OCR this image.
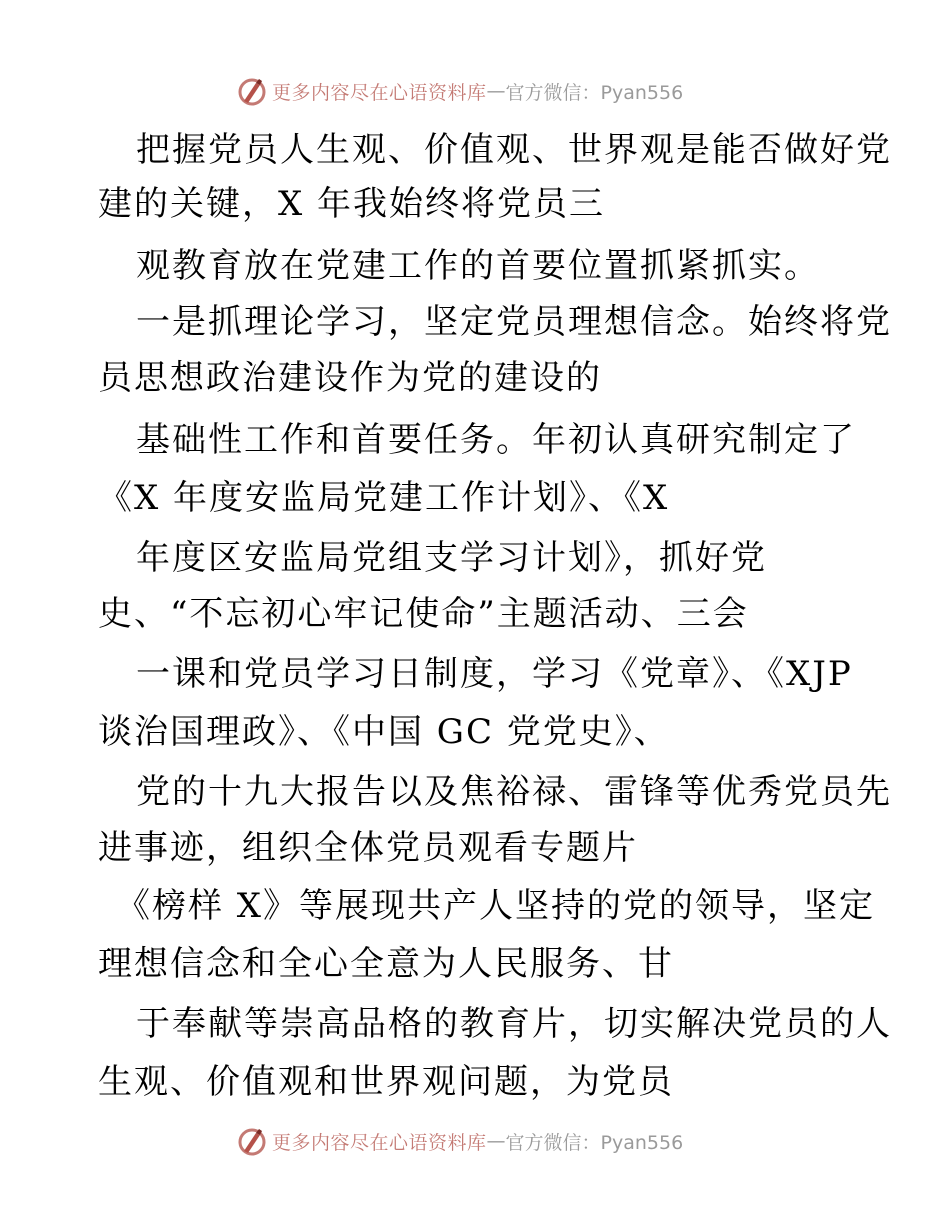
更多内容尽在心语资料库 — 官方微信：Pyan556
把握党员人生观、价值观、世界观是能否做好党
建的关键，X 年我始终将党员三
观教育放在党建工作的首要位置抓紧抓实。
一是抓理论学习，坚定党员理想信念。始终将党
员思想政治建设作为党的建设的
基础性工作和首要任务。年初认真研究制定了
《X 年度安监局党建工作计划》、《X
年度区安监局党组支学习计划》，抓好党
史、“不忘初心牢记使命”主题活动、三会
一课和党员学习日制度，学习《党章》、《XJP
谈治国理政》、《中国 GC 党党史》、
党的十九大报告以及焦裕禄、雷锋等优秀党员先
进事迹，组织全体党员观看专题片
《榜样 X》等展现共产人坚持的党的领导，坚定
理想信念和全心全意为人民服务、甘
于奉献等崇高品格的教育片，切实解决党员的人
生观、价值观和世界观问题，为党员
更多内容尽在心语资料库 — 官方微信：Pyan556
